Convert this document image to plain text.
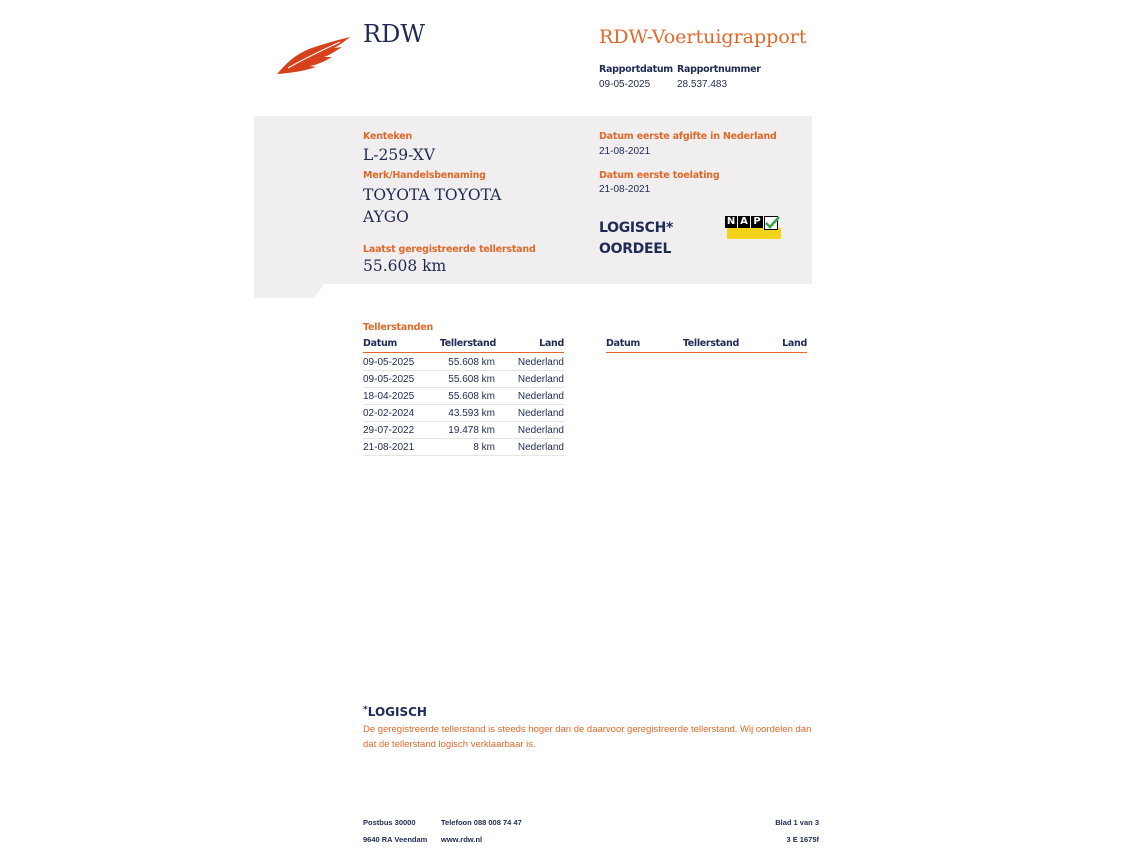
RDW	RDW-Voertuigrapport
Rapportdatum
09-05-2025
Rapportnummer
28.537.483
Kenteken
L-259-XV
Merk/Handelsbenaming
TOYOTA TOYOTA
AYGO
Laatst geregistreerde tellerstand
55.608 km
Datum eerste afgifte in Nederland
21-08-2021
Datum eerste toelating
21-08-2021
LOGISCH*
OORDEEL
N A P
Tellerstanden
Datum	Tellerstand	Land
09-05-2025	55.608 km Nederland
09-05-2025	55.608 km Nederland
18-04-2025	55.608 km Nederland
02-02-2024	43.593 km Nederland
29-07-2022	19.478 km Nederland
21-08-2021	8 km Nederland
Datum	Tellerstand	Land
*LOGISCH
De geregistreerde tellerstand is steeds hoger dan de daarvoor geregistreerde tellerstand. Wij oordelen dan
dat de tellerstand logisch verklaarbaar is.
Postbus 30000
9640 RA Veendam
Telefoon 088 008 74 47
www.rdw.nl
Blad 1 van 3
3 E 1675f
